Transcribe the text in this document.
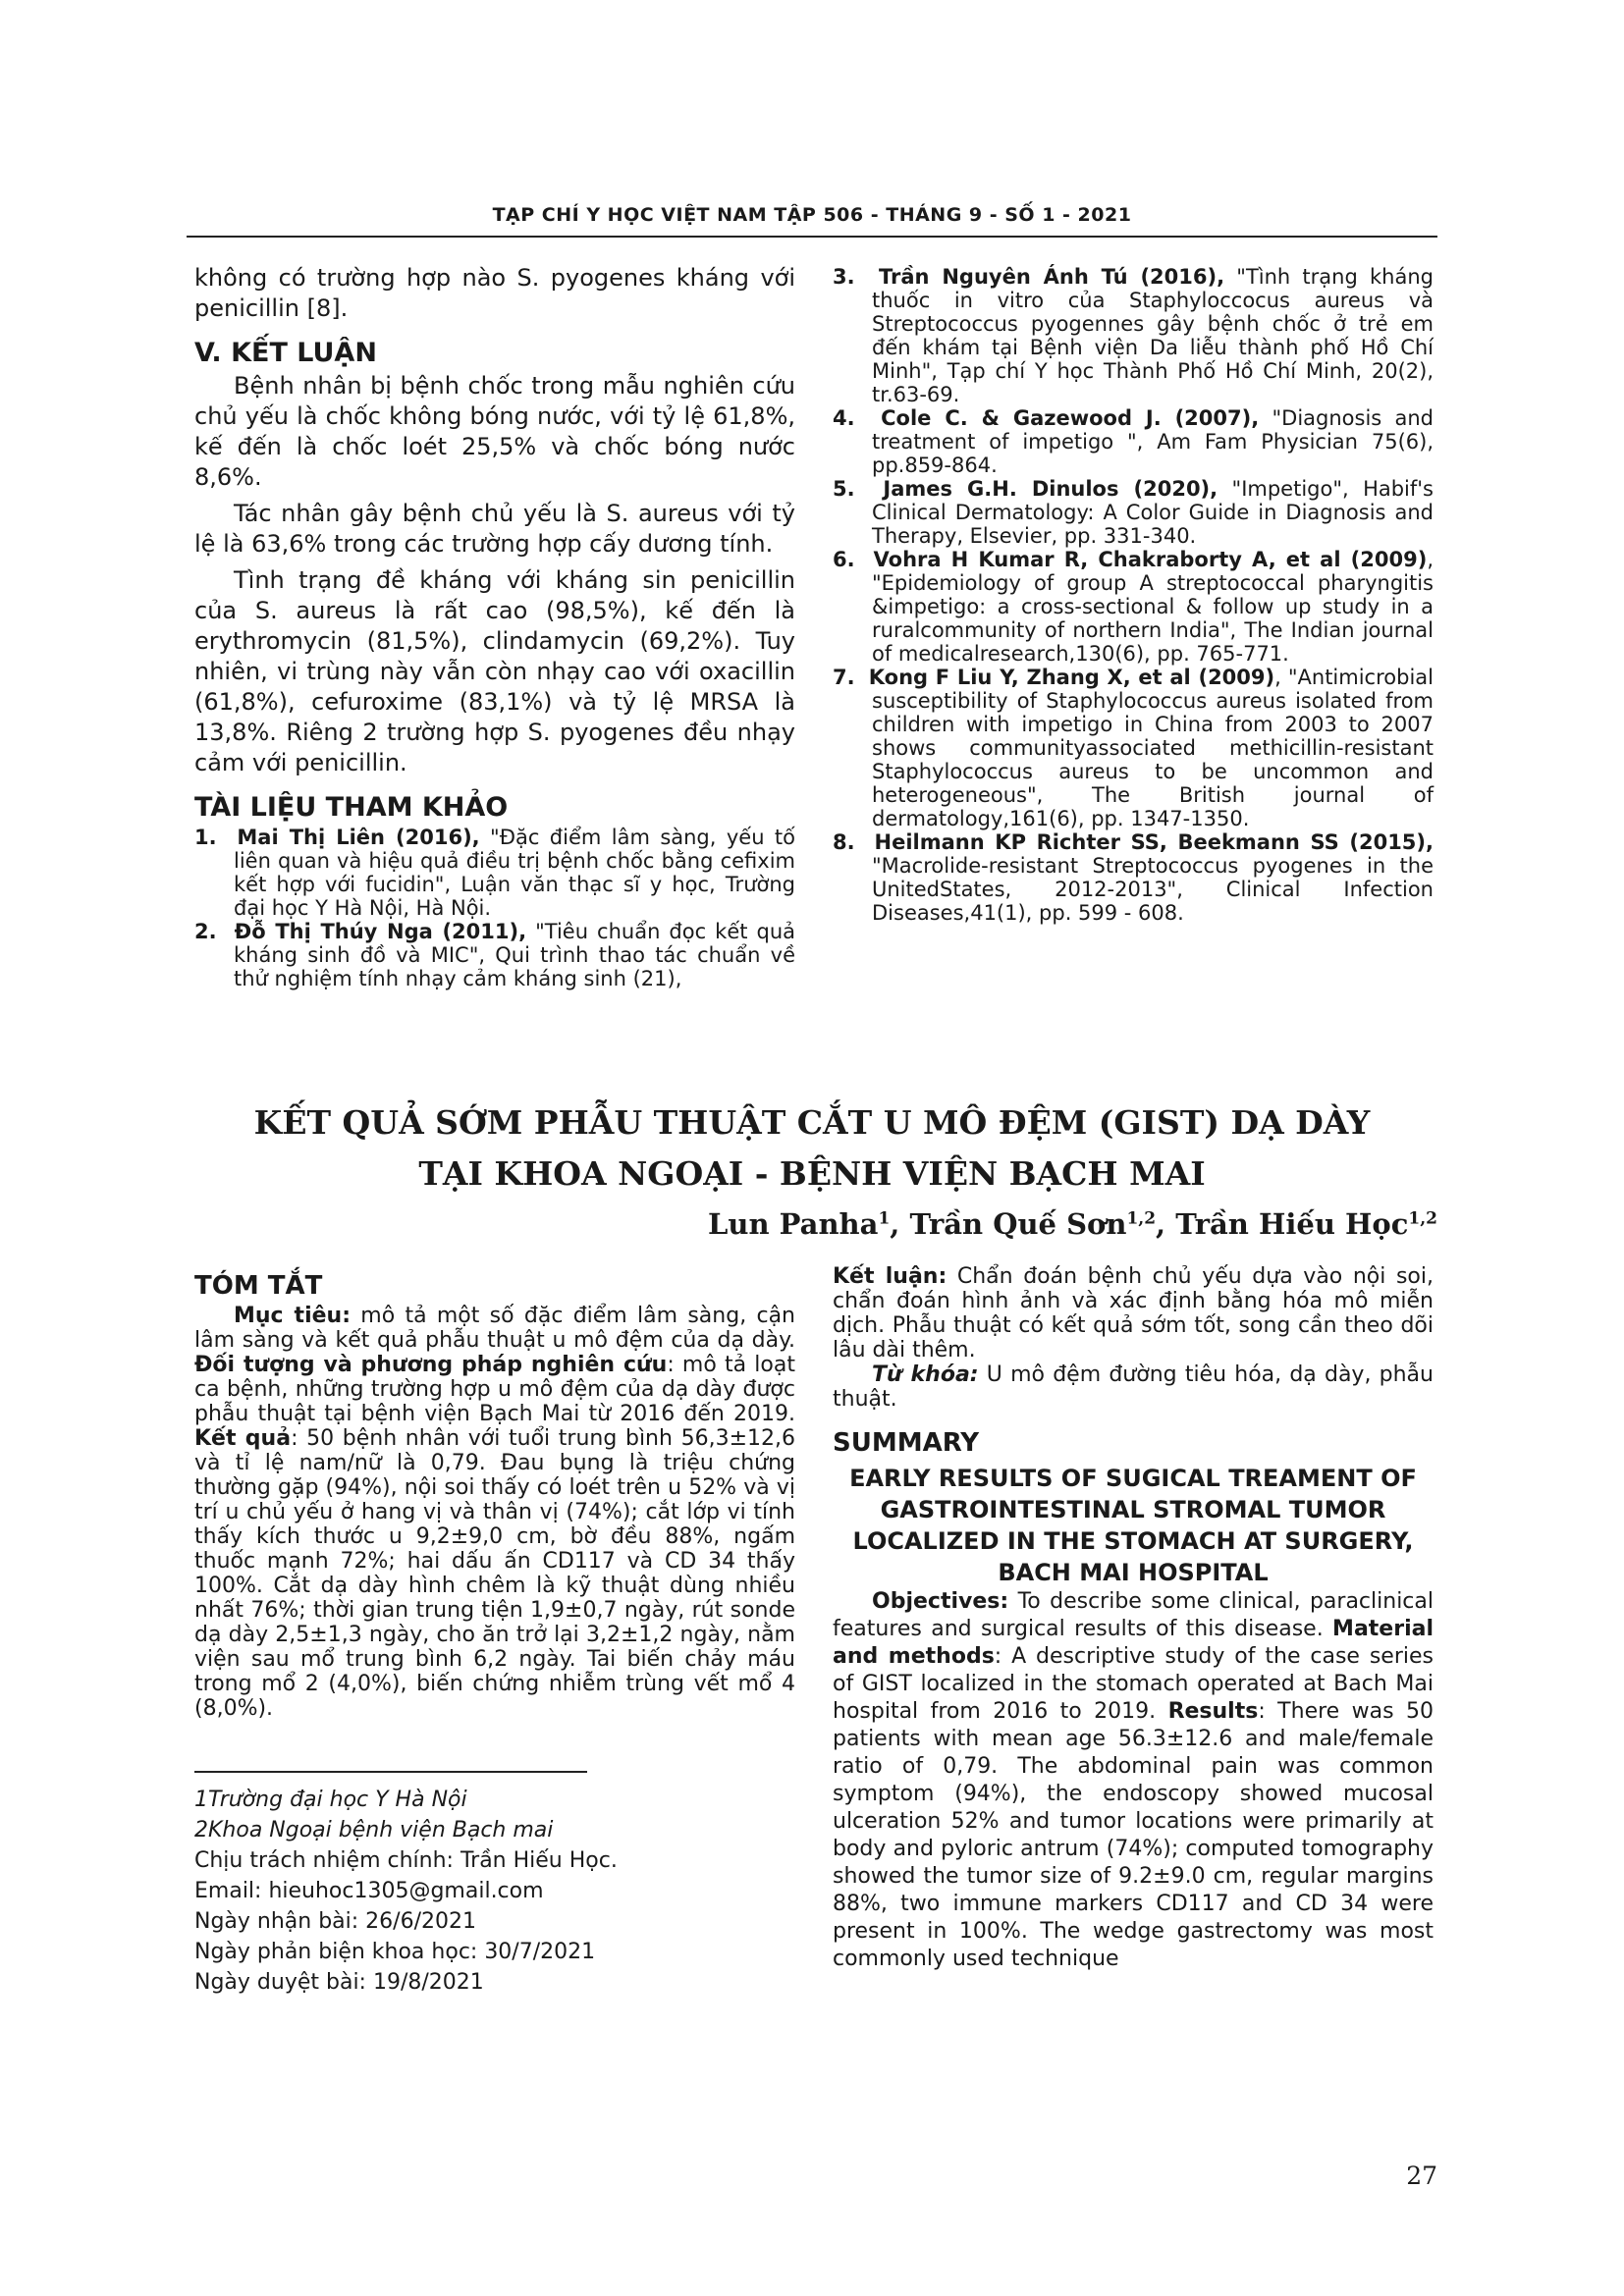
TẠP CHÍ Y HỌC VIỆT NAM TẬP 506 - THÁNG 9 - SỐ 1 - 2021

không có trường hợp nào S. pyogenes kháng với penicillin [8].

V. KẾT LUẬN

Bệnh nhân bị bệnh chốc trong mẫu nghiên cứu chủ yếu là chốc không bóng nước, với tỷ lệ 61,8%, kế đến là chốc loét 25,5% và chốc bóng nước 8,6%.

Tác nhân gây bệnh chủ yếu là S. aureus với tỷ lệ là 63,6% trong các trường hợp cấy dương tính.

Tình trạng đề kháng với kháng sin penicillin của S. aureus là rất cao (98,5%), kế đến là erythromycin (81,5%), clindamycin (69,2%). Tuy nhiên, vi trùng này vẫn còn nhạy cao với oxacillin (61,8%), cefuroxime (83,1%) và tỷ lệ MRSA là 13,8%. Riêng 2 trường hợp S. pyogenes đều nhạy cảm với penicillin.

TÀI LIỆU THAM KHẢO

1. Mai Thị Liên (2016), "Đặc điểm lâm sàng, yếu tố liên quan và hiệu quả điều trị bệnh chốc bằng cefixim kết hợp với fucidin", Luận văn thạc sĩ y học, Trường đại học Y Hà Nội, Hà Nội.

2. Đỗ Thị Thúy Nga (2011), "Tiêu chuẩn đọc kết quả kháng sinh đồ và MIC", Qui trình thao tác chuẩn về thử nghiệm tính nhạy cảm kháng sinh (21),

3. Trần Nguyên Ánh Tú (2016), "Tình trạng kháng thuốc in vitro của Staphyloccocus aureus và Streptococcus pyogennes gây bệnh chốc ở trẻ em đến khám tại Bệnh viện Da liễu thành phố Hồ Chí Minh", Tạp chí Y học Thành Phố Hồ Chí Minh, 20(2), tr.63-69.

4. Cole C. & Gazewood J. (2007), "Diagnosis and treatment of impetigo ", Am Fam Physician 75(6), pp.859-864.

5. James G.H. Dinulos (2020), "Impetigo", Habif's Clinical Dermatology: A Color Guide in Diagnosis and Therapy, Elsevier, pp. 331-340.

6. Vohra H Kumar R, Chakraborty A, et al (2009), "Epidemiology of group A streptococcal pharyngitis &impetigo: a cross-sectional & follow up study in a ruralcommunity of northern India", The Indian journal of medicalresearch,130(6), pp. 765-771.

7. Kong F Liu Y, Zhang X, et al (2009), "Antimicrobial susceptibility of Staphylococcus aureus isolated from children with impetigo in China from 2003 to 2007 shows communityassociated methicillin-resistant Staphylococcus aureus to be uncommon and heterogeneous", The British journal of dermatology,161(6), pp. 1347-1350.

8. Heilmann KP Richter SS, Beekmann SS (2015), "Macrolide-resistant Streptococcus pyogenes in the UnitedStates, 2012-2013", Clinical Infection Diseases,41(1), pp. 599 - 608.

KẾT QUẢ SỚM PHẪU THUẬT CẮT U MÔ ĐỆM (GIST) DẠ DÀY
TẠI KHOA NGOẠI - BỆNH VIỆN BẠCH MAI
Lun Panha$^1$, Trần Quế Sơn$^{1,2}$, Trần Hiếu Học$^{1,2}$

TÓM TẮT

Mục tiêu: mô tả một số đặc điểm lâm sàng, cận lâm sàng và kết quả phẫu thuật u mô đệm của dạ dày. Đối tượng và phương pháp nghiên cứu: mô tả loạt ca bệnh, những trường hợp u mô đệm của dạ dày được phẫu thuật tại bệnh viện Bạch Mai từ 2016 đến 2019. Kết quả: 50 bệnh nhân với tuổi trung bình 56,3±12,6 và tỉ lệ nam/nữ là 0,79. Đau bụng là triệu chứng thường gặp (94%), nội soi thấy có loét trên u 52% và vị trí u chủ yếu ở hang vị và thân vị (74%); cắt lớp vi tính thấy kích thước u 9,2±9,0 cm, bờ đều 88%, ngấm thuốc mạnh 72%; hai dấu ấn CD117 và CD 34 thấy 100%. Cắt dạ dày hình chêm là kỹ thuật dùng nhiều nhất 76%; thời gian trung tiện 1,9±0,7 ngày, rút sonde dạ dày 2,5±1,3 ngày, cho ăn trở lại 3,2±1,2 ngày, nằm viện sau mổ trung bình 6,2 ngày. Tai biến chảy máu trong mổ 2 (4,0%), biến chứng nhiễm trùng vết mổ 4 (8,0%).

Kết luận: Chẩn đoán bệnh chủ yếu dựa vào nội soi, chẩn đoán hình ảnh và xác định bằng hóa mô miễn dịch. Phẫu thuật có kết quả sớm tốt, song cần theo dõi lâu dài thêm.

Từ khóa: U mô đệm đường tiêu hóa, dạ dày, phẫu thuật.

SUMMARY

EARLY RESULTS OF SUGICAL TREAMENT OF GASTROINTESTINAL STROMAL TUMOR LOCALIZED IN THE STOMACH AT SURGERY, BACH MAI HOSPITAL

Objectives: To describe some clinical, paraclinical features and surgical results of this disease. Material and methods: A descriptive study of the case series of GIST localized in the stomach operated at Bach Mai hospital from 2016 to 2019. Results: There was 50 patients with mean age 56.3±12.6 and male/female ratio of 0,79. The abdominal pain was common symptom (94%), the endoscopy showed mucosal ulceration 52% and tumor locations were primarily at body and pyloric antrum (74%); computed tomography showed the tumor size of 9.2±9.0 cm, regular margins 88%, two immune markers CD117 and CD 34 were present in 100%. The wedge gastrectomy was most commonly used technique

1Trường đại học Y Hà Nội
2Khoa Ngoại bệnh viện Bạch mai
Chịu trách nhiệm chính: Trần Hiếu Học.
Email: hieuhoc1305@gmail.com
Ngày nhận bài: 26/6/2021
Ngày phản biện khoa học: 30/7/2021
Ngày duyệt bài: 19/8/2021
27
